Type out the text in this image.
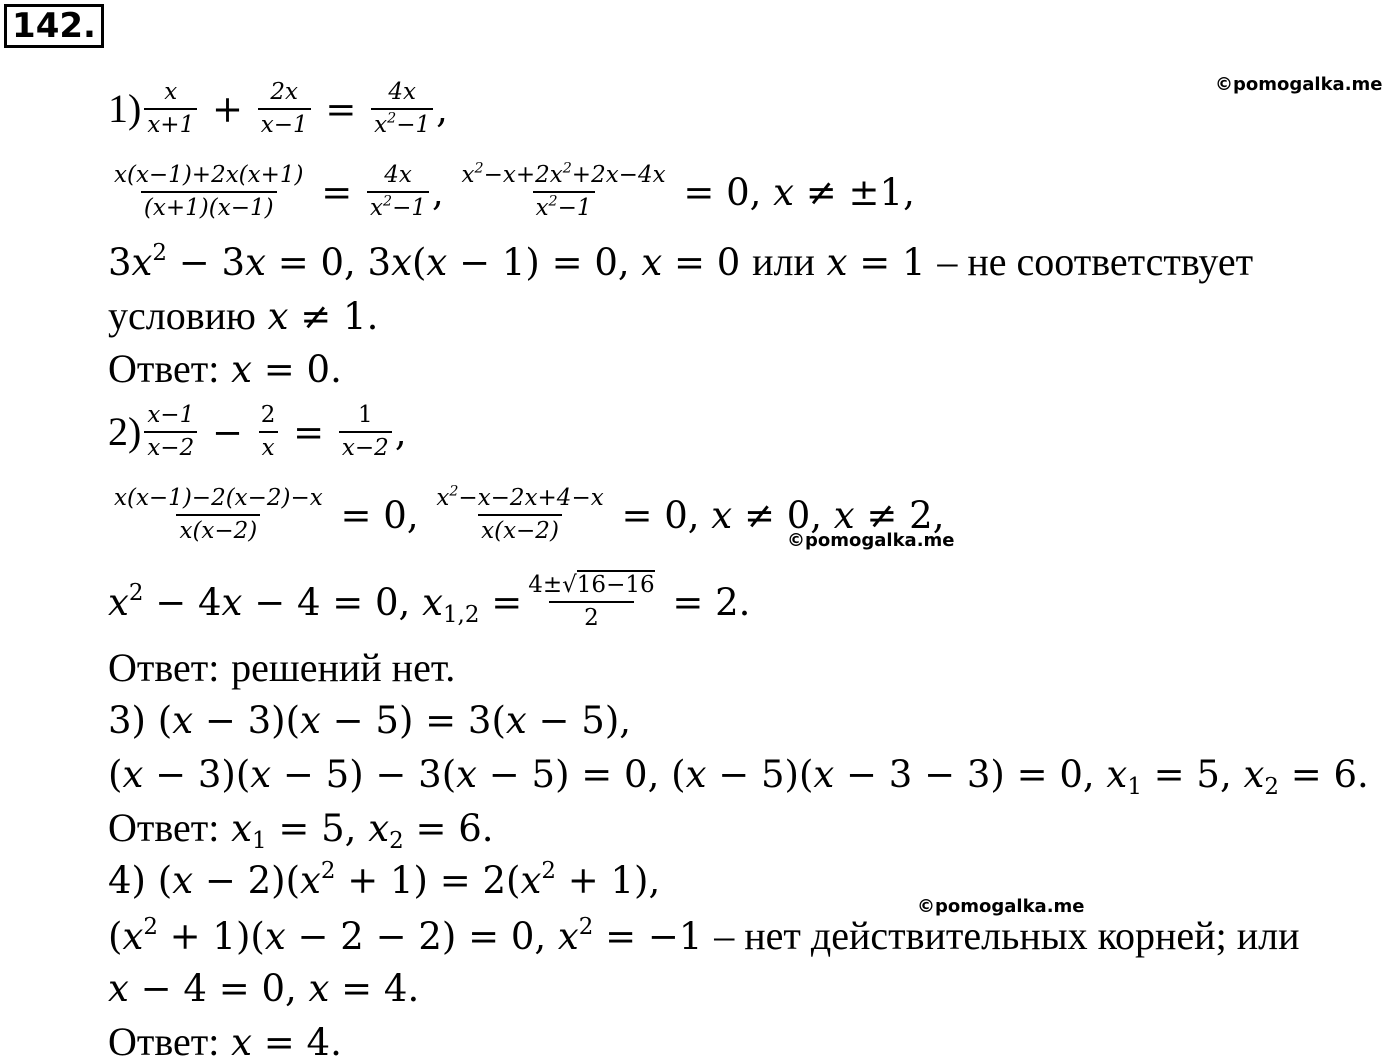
142.
©pomogalka.me
©pomogalka.me
©pomogalka.me
$1) \frac{x}{x+1} + \frac{2x}{x-1} = \frac{4x}{x^2-1}$ ,
$\frac{x(x-1)+2x(x+1)}{(x+1)(x-1)} = \frac{4x}{x^2-1}$ , $\frac{x^2-x+2x^2+2x-4x}{x^2-1} = 0$, x ≠ ±1,
$3x^2 - 3x = 0$, 3x(x − 1) = 0, x = 0 или x = 1 – не соответствует
условию x ≠ 1.
Ответ: x = 0.
$2) \frac{x-1}{x-2} - \frac{2}{x} = \frac{1}{x-2}$ ,
$\frac{x(x-1)-2(x-2)-x}{x(x-2)} = 0$, $\frac{x^2-x-2x+4-x}{x(x-2)} = 0$, x ≠ 0, x ≠ 2,
$x^2 - 4x - 4 = 0$, $x_{1,2} = \frac{4\pm√16-16}{2} = 2$.
Ответ: решений нет.
3) (x − 3)(x − 5) = 3(x − 5),
(x − 3)(x − 5) − 3(x − 5) = 0, (x − 5)(x − 3 − 3) = 0, $x_1 = 5$, $x_2 = 6$.
Ответ: $x_1 = 5$, $x_2 = 6$.
4) $(x - 2)(x^2 + 1) = 2(x^2 + 1)$,
$(x^2 + 1)(x - 2 - 2) = 0$, $x^2 = -1$ – нет действительных корней; или
x − 4 = 0, x = 4.
Ответ: x = 4.
